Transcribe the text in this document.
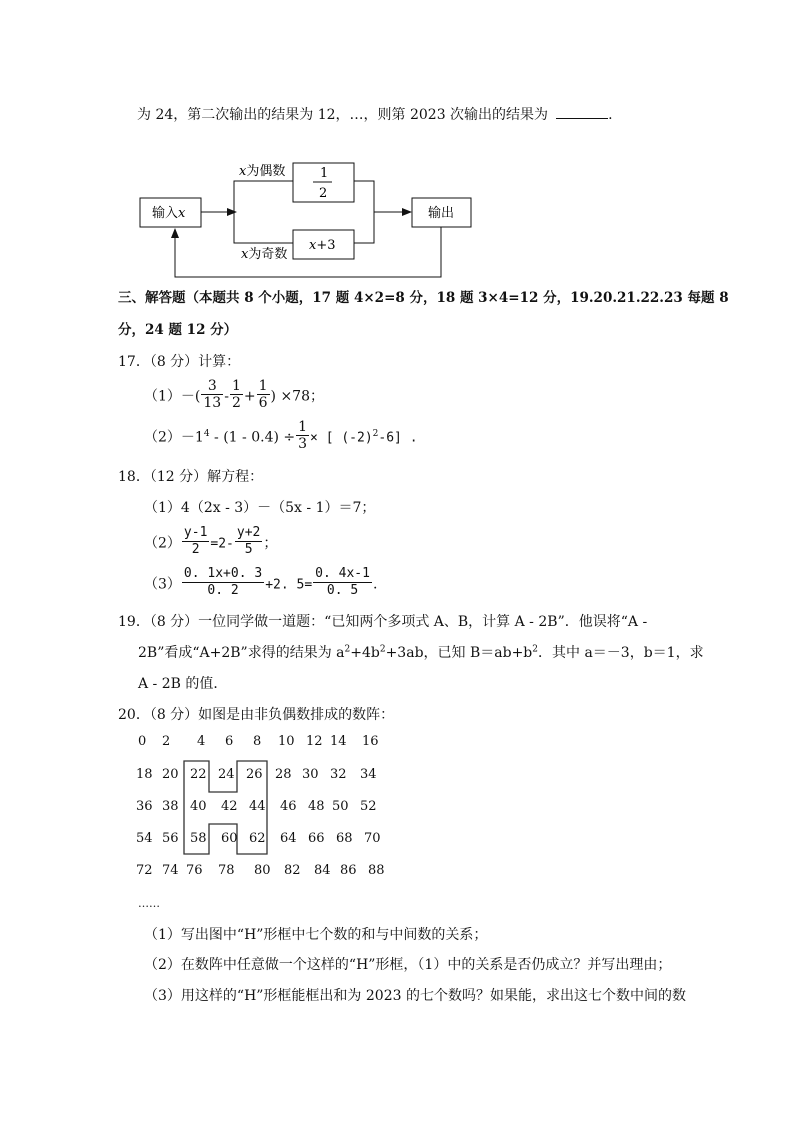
为 24，第二次输出的结果为 12，…，则第 2023 次输出的结果为	.
输入x
x为偶数
x为奇数
1
2
x+3
输出
三、解答题（本题共 8 个小题，17 题 4×2=8 分，18 题 3×4=12 分，19.20.21.22.23 每题 8
分，24 题 12 分）
17．（8 分）计算：
$(1)-( \frac{3}{13} - \frac{1}{2} + \frac{1}{6}$ ) ×78；
$(2)-1^4 - (1 - 0.4) \div \frac{1}{3}$ × [ $(-2)^2-6$] .
18．（12 分）解方程：
（1）4（2x - 3）－（5x - 1）＝7；
$(2) \frac{y-1}{2} =2- \frac{y+2}{5}$ ；
$(3) \frac{0. 1x+0. 3}{0. 2} +2$. $5= \frac{0. 4x-1}{0. 5}$ .
19．（8 分）一位同学做一道题：“已知两个多项式 A、B，计算 A - 2B”．他误将“A -
2B”看成“A+2B”求得的结果为 $a^2+4b^2+3ab$，已知 $B=ab+b^2$．其中 a＝－3，b＝1，求
A - 2B 的值．
20．（8 分）如图是由非负偶数排成的数阵：
0 2 4 6 8 10 12 14 16
18 20 22 24 26 28 30 32 34
36 38 40 42 44 46 48 50 52
54 56 58 60 62 64 66 68 70
72 74 76 78 80 82 84 86 88
……
（1）写出图中“H”形框中七个数的和与中间数的关系；
（2）在数阵中任意做一个这样的“H”形框，（1）中的关系是否仍成立？并写出理由；
（3）用这样的“H”形框能框出和为 2023 的七个数吗？如果能，求出这七个数中间的数
